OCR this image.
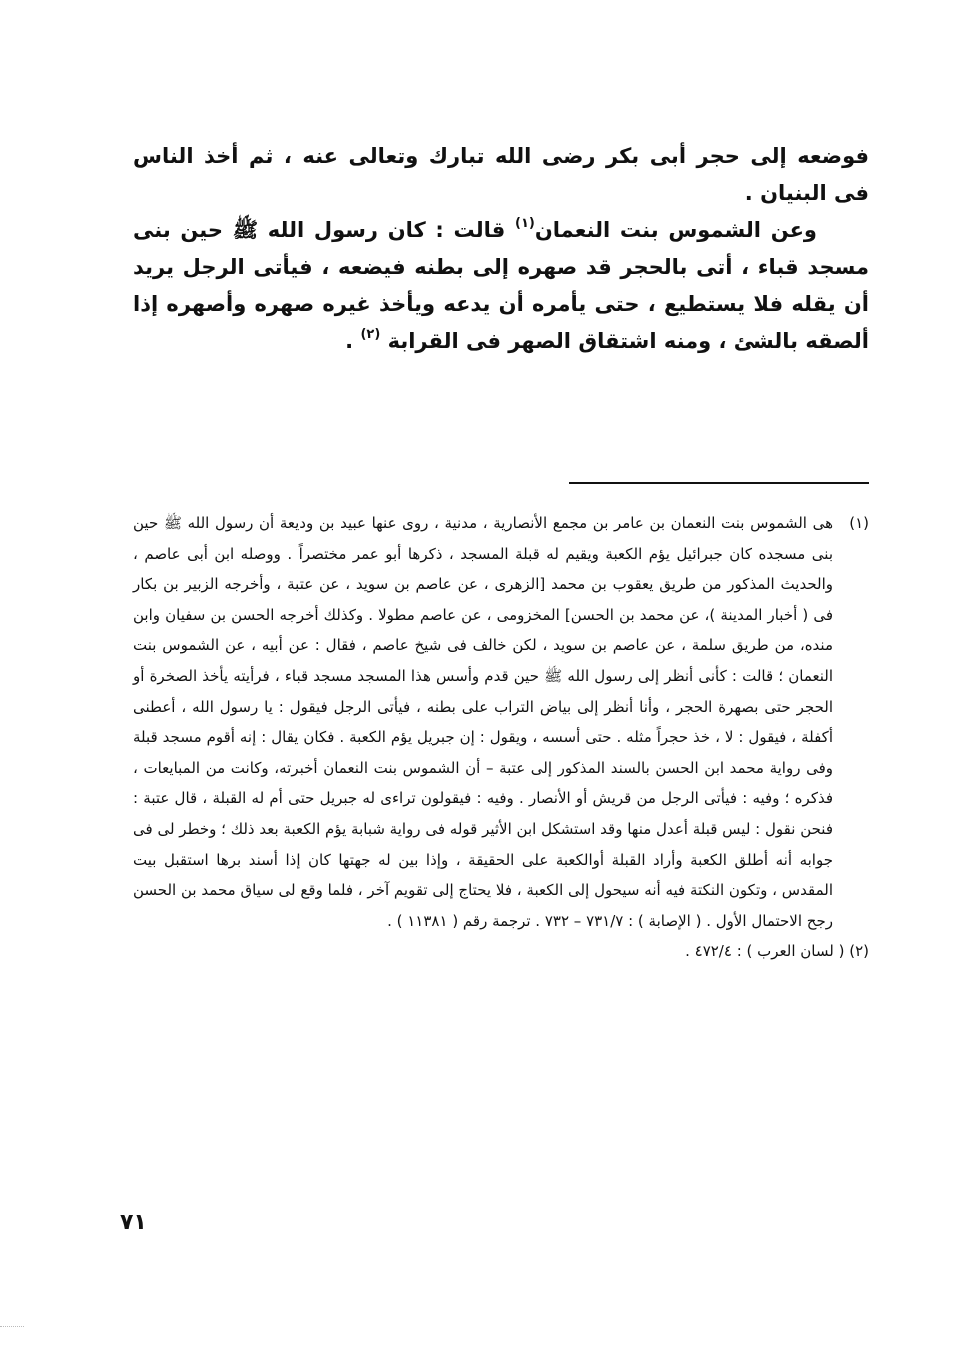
فوضعه إلى حجر أبى بكر رضى الله تبارك وتعالى عنه ، ثم أخذ الناس فى البنيان .

وعن الشموس بنت النعمان$^{(١)}$ قالت : كان رسول الله ﷺ حين بنى مسجد قباء ، أتى بالحجر قد صهره إلى بطنه فيضعه ، فيأتى الرجل يريد أن يقله فلا يستطيع ، حتى يأمره أن يدعه ويأخذ غيره صهره وأصهره إذا ألصقه بالشئ ، ومنه اشتقاق الصهر فى القرابة $^{(٢)}$ .

(١)هى الشموس بنت النعمان بن عامر بن مجمع الأنصارية ، مدنية ، روى عنها عبيد بن وديعة أن رسول الله ﷺ حين بنى مسجده كان جبرائيل يؤم الكعبة ويقيم له قبلة المسجد ، ذكرها أبو عمر مختصراً . ووصله ابن أبى عاصم ، والحديث المذكور من طريق يعقوب بن محمد [الزهرى ، عن عاصم بن سويد ، عن عتبة ، وأخرجه الزبير بن بكار فى ( أخبار المدينة )، عن محمد بن الحسن] المخزومى ، عن عاصم مطولا . وكذلك أخرجه الحسن بن سفيان وابن منده، من طريق سلمة ، عن عاصم بن سويد ، لكن خالف فى شيخ عاصم ، فقال : عن أبيه ، عن الشموس بنت النعمان ؛ قالت : كأنى أنظر إلى رسول الله ﷺ حين قدم وأسس هذا المسجد مسجد قباء ، فرأيته يأخذ الصخرة أو الحجر حتى بصهرة الحجر ، وأنا أنظر إلى بياض التراب على بطنه ، فيأتى الرجل فيقول : يا رسول الله ، أعطنى أكفلة ، فيقول : لا ، خذ حجراً مثله . حتى أسسه ، ويقول : إن جبريل يؤم الكعبة . فكان يقال : إنه أقوم مسجد قبلة وفى رواية محمد ابن الحسن بالسند المذكور إلى عتبة – أن الشموس بنت النعمان أخبرته، وكانت من المبايعات ، فذكره ؛ وفيه : فيأتى الرجل من قريش أو الأنصار . وفيه : فيقولون تراءى له جبريل حتى أم له القبلة ، قال عتبة : فنحن نقول : ليس قبلة أعدل منها وقد استشكل ابن الأثير قوله فى رواية شبابة يؤم الكعبة بعد ذلك ؛ وخطر لى فى جوابه أنه أطلق الكعبة وأراد القبلة أوالكعبة على الحقيقة ، وإذا بين له جهتها كان إذا أسند برها استقبل بيت المقدس ، وتكون النكتة فيه أنه سيحول إلى الكعبة ، فلا يحتاج إلى تقويم آخر ، فلما وقع لى سياق محمد بن الحسن رجح الاحتمال الأول . ( الإصابة ) : ٧٣١/٧ – ٧٣٢ . ترجمة رقم ( ١١٣٨١ ) .

(٢) ( لسان العرب ) : ٤٧٢/٤ .

٧١
